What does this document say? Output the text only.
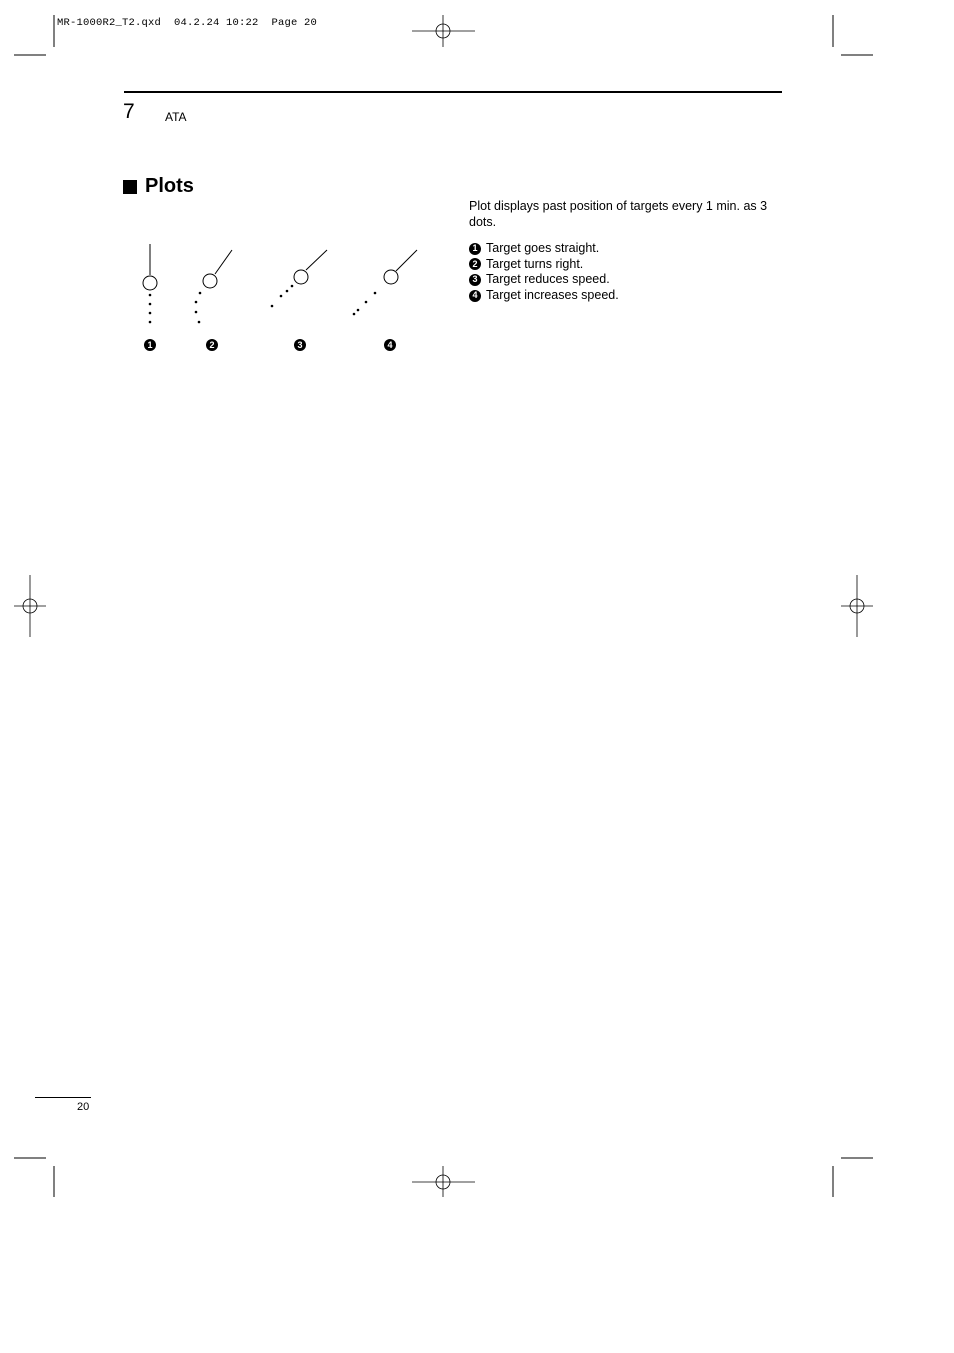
MR-1000R2_T2.qxd  04.2.24 10:22  Page 20
7	ATA
Plots
1	2	3	4
Plot displays past position of targets every 1 min. as 3 dots.
1 Target goes straight.
2 Target turns right.
3 Target reduces speed.
4 Target increases speed.
20
